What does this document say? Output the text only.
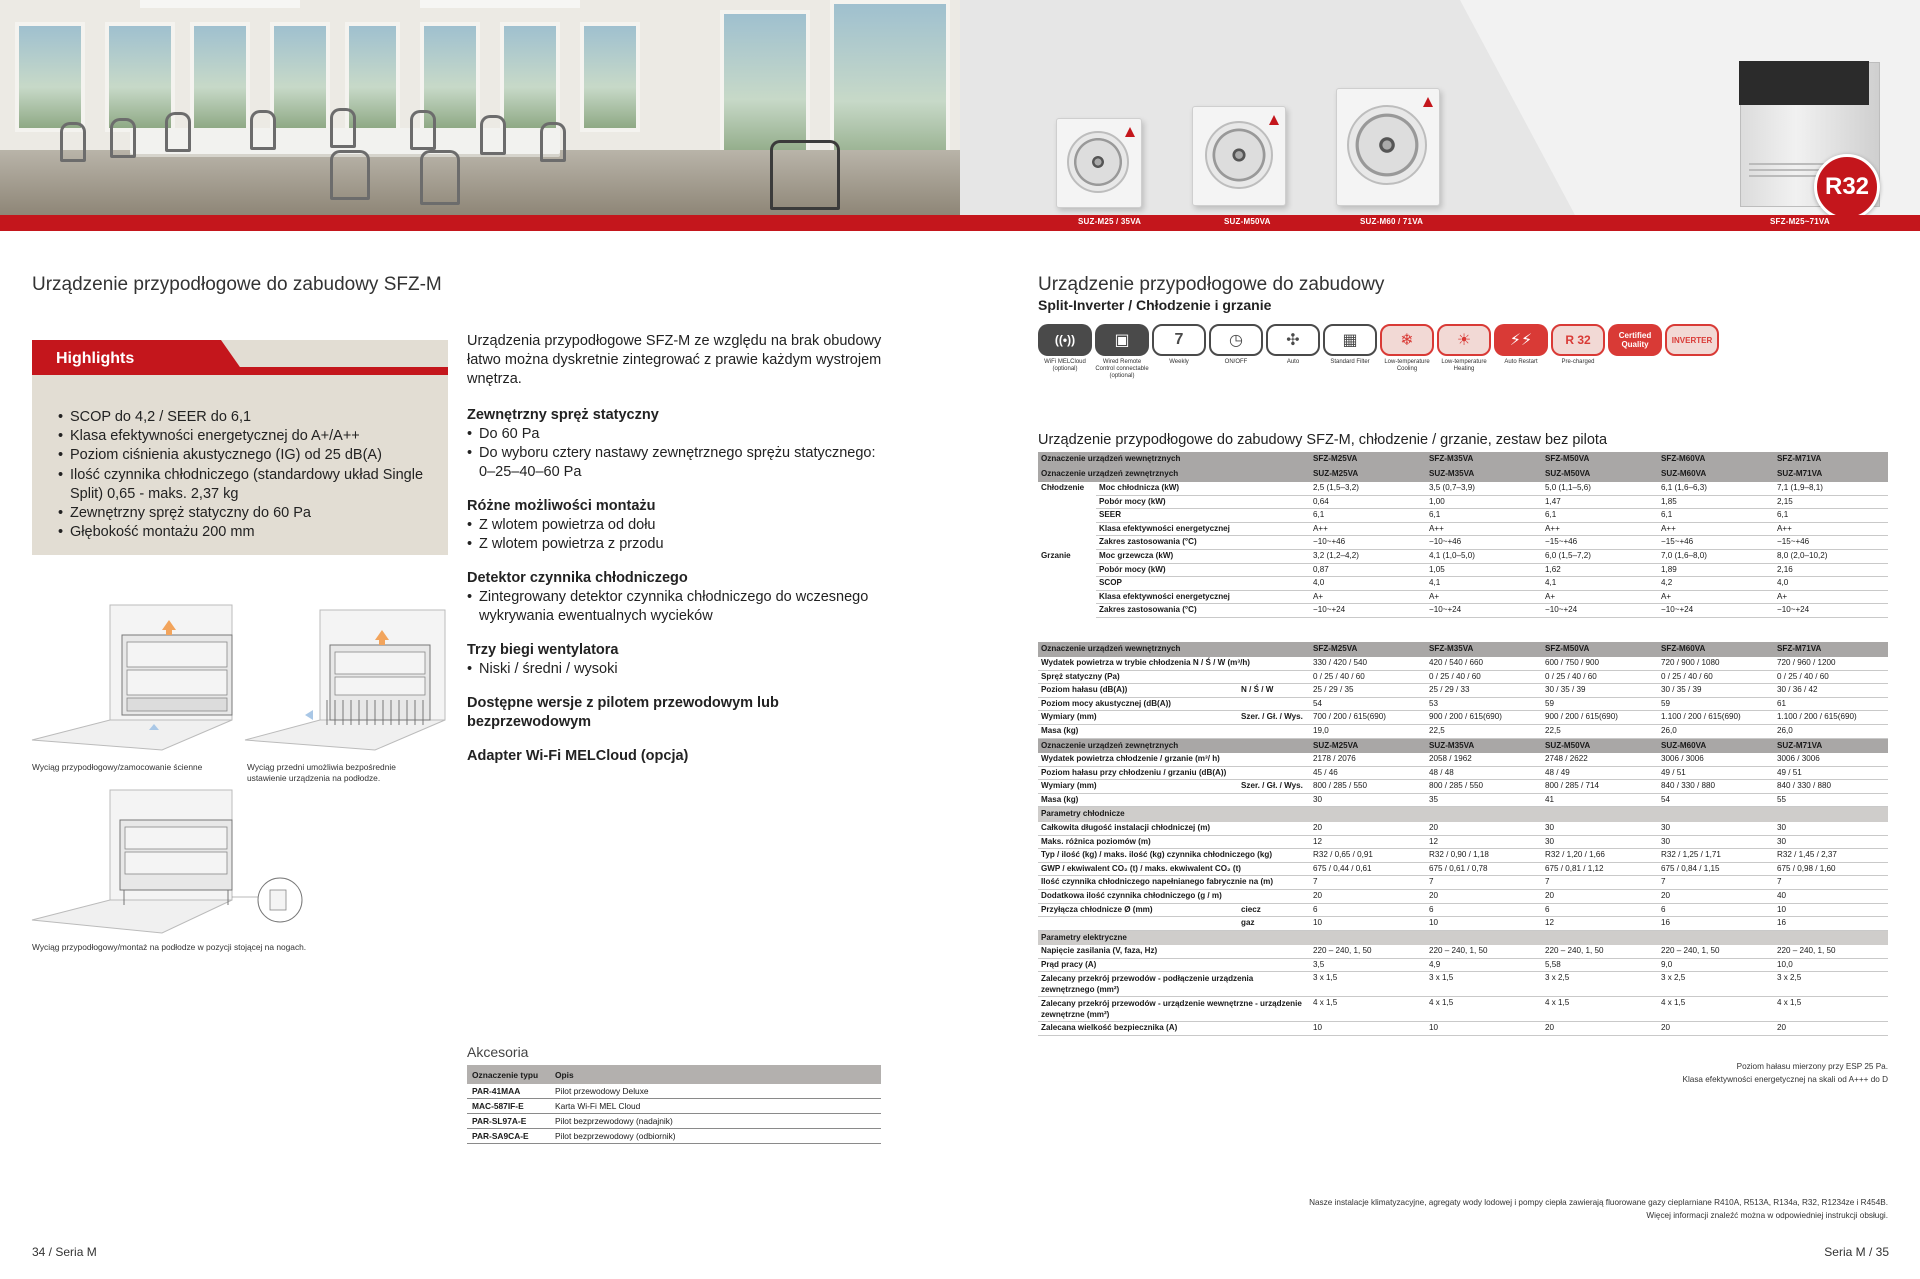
R32
SUZ-M25 / 35VA	SUZ-M50VA	SUZ-M60 / 71VA	SFZ-M25~71VA
Urządzenie przypodłogowe do zabudowy SFZ-M
Highlights
• SCOP do 4,2 / SEER do 6,1
• Klasa efektywności energetycznej do A+/A++
• Poziom ciśnienia akustycznego (IG) od 25 dB(A)
• Ilość czynnika chłodniczego (standardowy układ Single Split) 0,65 - maks. 2,37 kg
• Zewnętrzny spręż statyczny do 60 Pa
• Głębokość montażu 200 mm
Wyciąg przypodłogowy/zamocowanie ścienne	Wyciąg przedni umożliwia bezpośrednie ustawienie urządzenia na podłodze.
Wyciąg przypodłogowy/montaż na podłodze w pozycji stojącej na nogach.
Urządzenia przypodłogowe SFZ-M ze względu na brak obudowy łatwo można dyskretnie zintegrować z prawie każdym wystrojem wnętrza.
Zewnętrzny spręż statyczny
• Do 60 Pa
• Do wyboru cztery nastawy zewnętrznego sprężu statycznego: 0–25–40–60 Pa
Różne możliwości montażu
• Z wlotem powietrza od dołu
• Z wlotem powietrza z przodu
Detektor czynnika chłodniczego
• Zintegrowany detektor czynnika chłodniczego do wczesnego wykrywania ewentualnych wycieków
Trzy biegi wentylatora
• Niski / średni / wysoki
Dostępne wersje z pilotem przewodowym lub bezprzewodowym
Adapter Wi-Fi MELCloud (opcja)
Akcesoria
Oznaczenie typu	Opis
PAR-41MAA	Pilot przewodowy Deluxe
MAC-587IF-E	Karta Wi-Fi MEL Cloud
PAR-SL97A-E	Pilot bezprzewodowy (nadajnik)
PAR-SA9CA-E	Pilot bezprzewodowy (odbiornik)
34 / Seria M
Urządzenie przypodłogowe do zabudowy
Split-Inverter / Chłodzenie i grzanie
((•))
WiFi MELCloud (optional)
▣
Wired Remote Control connectable (optional)
7
Weekly
◷
ON/OFF
✣
Auto
▦
Standard Filter
❄
Low-temperature Cooling
☀
Low-temperature Heating
⚡⚡
Auto Restart
R 32
Pre-charged
Certified Quality	INVERTER
Urządzenie przypodłogowe do zabudowy SFZ-M, chłodzenie / grzanie, zestaw bez pilota
Oznaczenie urządzeń wewnętrznych		SFZ-M25VA	SFZ-M35VA	SFZ-M50VA	SFZ-M60VA	SFZ-M71VA
Oznaczenie urządzeń zewnętrznych		SUZ-M25VA	SUZ-M35VA	SUZ-M50VA	SUZ-M60VA	SUZ-M71VA
Chłodzenie	Moc chłodnicza (kW)	2,5 (1,5–3,2)	3,5 (0,7–3,9)	5,0 (1,1–5,6)	6,1 (1,6–6,3)	7,1 (1,9–8,1)
	Pobór mocy (kW)	0,64	1,00	1,47	1,85	2,15
	SEER	6,1	6,1	6,1	6,1	6,1
	Klasa efektywności energetycznej	A++	A++	A++	A++	A++
	Zakres zastosowania (°C)	−10~+46	−10~+46	−15~+46	−15~+46	−15~+46
Grzanie	Moc grzewcza (kW)	3,2 (1,2–4,2)	4,1 (1,0–5,0)	6,0 (1,5–7,2)	7,0 (1,6–8,0)	8,0 (2,0–10,2)
	Pobór mocy (kW)	0,87	1,05	1,62	1,89	2,16
	SCOP	4,0	4,1	4,1	4,2	4,0
	Klasa efektywności energetycznej	A+	A+	A+	A+	A+
	Zakres zastosowania (°C)	−10~+24	−10~+24	−10~+24	−10~+24	−10~+24
Oznaczenie urządzeń wewnętrznych		SFZ-M25VA	SFZ-M35VA	SFZ-M50VA	SFZ-M60VA	SFZ-M71VA
Wydatek powietrza w trybie chłodzenia N / Ś / W (m³/h)		330 / 420 / 540	420 / 540 / 660	600 / 750 / 900	720 / 900 / 1080	720 / 960 / 1200
Spręż statyczny (Pa)		0 / 25 / 40 / 60	0 / 25 / 40 / 60	0 / 25 / 40 / 60	0 / 25 / 40 / 60	0 / 25 / 40 / 60
Poziom hałasu (dB(A))	N / Ś / W	25 / 29 / 35	25 / 29 / 33	30 / 35 / 39	30 / 35 / 39	30 / 36 / 42
Poziom mocy akustycznej (dB(A))		54	53	59	59	61
Wymiary (mm)	Szer. / Gł. / Wys.	700 / 200 / 615(690)	900 / 200 / 615(690)	900 / 200 / 615(690)	1.100 / 200 / 615(690)	1.100 / 200 / 615(690)
Masa (kg)		19,0	22,5	22,5	26,0	26,0
Oznaczenie urządzeń zewnętrznych		SUZ-M25VA	SUZ-M35VA	SUZ-M50VA	SUZ-M60VA	SUZ-M71VA
Wydatek powietrza chłodzenie / grzanie (m³/ h)		2178 / 2076	2058 / 1962	2748 / 2622	3006 / 3006	3006 / 3006
Poziom hałasu przy chłodzeniu / grzaniu (dB(A))		45 / 46	48 / 48	48 / 49	49 / 51	49 / 51
Wymiary (mm)	Szer. / Gł. / Wys.	800 / 285 / 550	800 / 285 / 550	800 / 285 / 714	840 / 330 / 880	840 / 330 / 880
Masa (kg)		30	35	41	54	55
Parametry chłodnicze						
Całkowita długość instalacji chłodniczej (m)		20	20	30	30	30
Maks. różnica poziomów (m)		12	12	30	30	30
Typ / ilość (kg) / maks. ilość (kg) czynnika chłodniczego (kg)		R32 / 0,65 / 0,91	R32 / 0,90 / 1,18	R32 / 1,20 / 1,66	R32 / 1,25 / 1,71	R32 / 1,45 / 2,37
GWP / ekwiwalent CO₂ (t) / maks. ekwiwalent CO₂ (t)		675 / 0,44 / 0,61	675 / 0,61 / 0,78	675 / 0,81 / 1,12	675 / 0,84 / 1,15	675 / 0,98 / 1,60
Ilość czynnika chłodniczego napełnianego fabrycznie na (m)		7	7	7	7	7
Dodatkowa ilość czynnika chłodniczego (g / m)		20	20	20	20	40
Przyłącza chłodnicze Ø (mm)	ciecz	6	6	6	6	10
	gaz	10	10	12	16	16
Parametry elektryczne						
Napięcie zasilania (V, faza, Hz)		220 – 240, 1, 50	220 – 240, 1, 50	220 – 240, 1, 50	220 – 240, 1, 50	220 – 240, 1, 50
Prąd pracy (A)		3,5	4,9	5,58	9,0	10,0
Zalecany przekrój przewodów - podłączenie urządzenia zewnętrznego (mm²)		3 x 1,5	3 x 1,5	3 x 2,5	3 x 2,5	3 x 2,5
Zalecany przekrój przewodów - urządzenie wewnętrzne - urządzenie zewnętrzne (mm²)		4 x 1,5	4 x 1,5	4 x 1,5	4 x 1,5	4 x 1,5
Zalecana wielkość bezpiecznika (A)		10	10	20	20	20
Poziom hałasu mierzony przy ESP 25 Pa.
Klasa efektywności energetycznej na skali od A+++ do D
Nasze instalacje klimatyzacyjne, agregaty wody lodowej i pompy ciepła zawierają fluorowane gazy cieplarniane R410A, R513A, R134a, R32, R1234ze i R454B.
Więcej informacji znaleźć można w odpowiedniej instrukcji obsługi.
Seria M / 35
